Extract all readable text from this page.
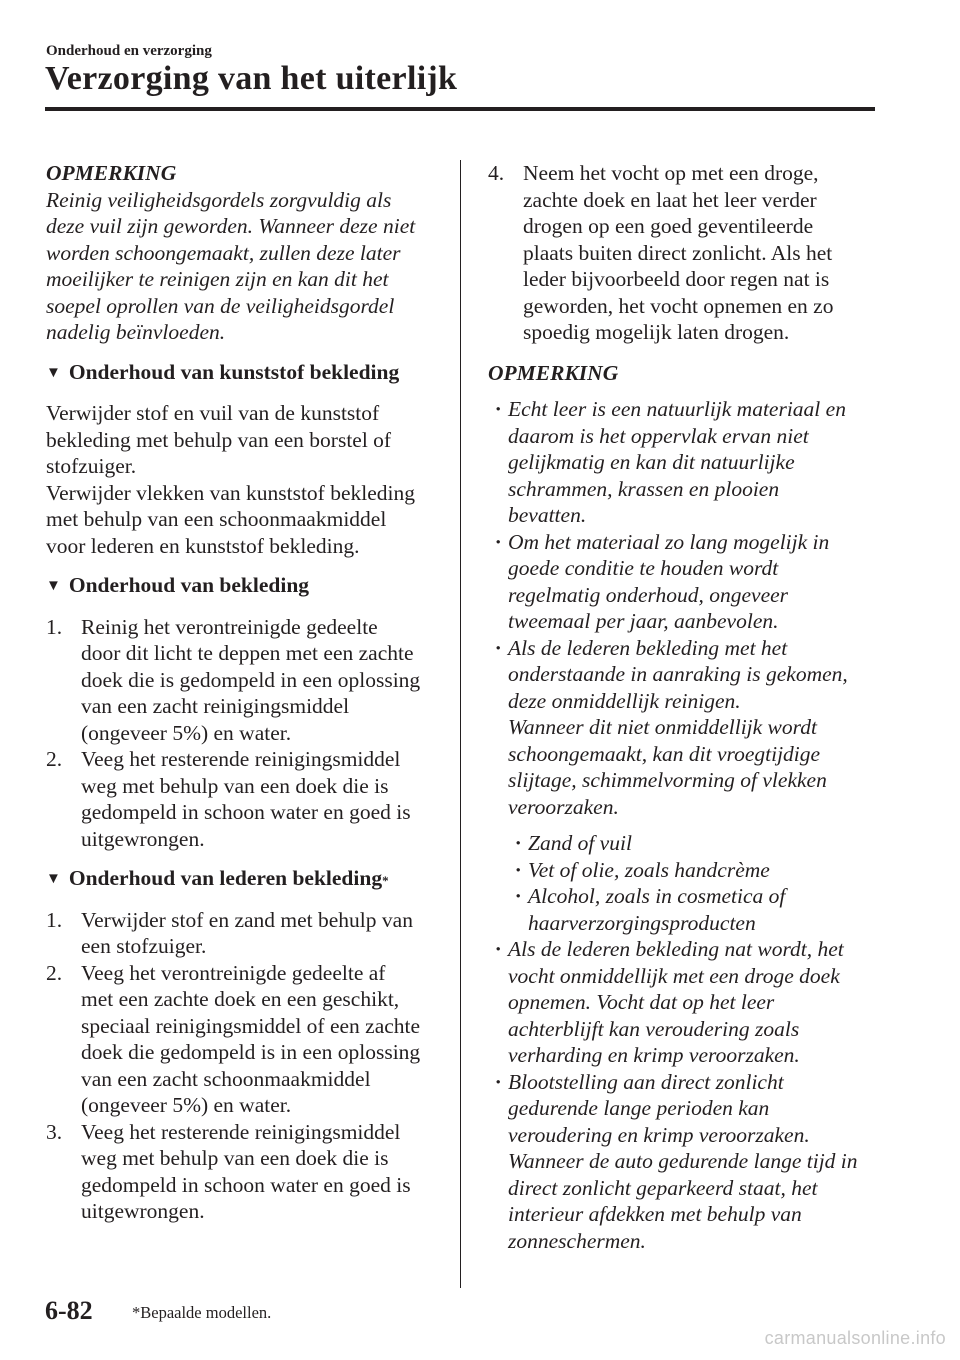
Onderhoud en verzorging
Verzorging van het uiterlijk
OPMERKING
Reinig veiligheidsgordels zorgvuldig als
deze vuil zijn geworden. Wanneer deze niet
worden schoongemaakt, zullen deze later
moeilijker te reinigen zijn en kan dit het
soepel oprollen van de veiligheidsgordel
nadelig beïnvloeden.
▼ Onderhoud van kunststof bekleding
Verwijder stof en vuil van de kunststof
bekleding met behulp van een borstel of
stofzuiger.
Verwijder vlekken van kunststof bekleding
met behulp van een schoonmaakmiddel
voor lederen en kunststof bekleding.
▼ Onderhoud van bekleding
1. Reinig het verontreinigde gedeelte
door dit licht te deppen met een zachte
doek die is gedompeld in een oplossing
van een zacht reinigingsmiddel
(ongeveer 5%) en water.
2. Veeg het resterende reinigingsmiddel
weg met behulp van een doek die is
gedompeld in schoon water en goed is
uitgewrongen.
▼ Onderhoud van lederen bekleding *
1. Verwijder stof en zand met behulp van
een stofzuiger.
2. Veeg het verontreinigde gedeelte af
met een zachte doek en een geschikt,
speciaal reinigingsmiddel of een zachte
doek die gedompeld is in een oplossing
van een zacht schoonmaakmiddel
(ongeveer 5%) en water.
3. Veeg het resterende reinigingsmiddel
weg met behulp van een doek die is
gedompeld in schoon water en goed is
uitgewrongen.
4. Neem het vocht op met een droge,
zachte doek en laat het leer verder
drogen op een goed geventileerde
plaats buiten direct zonlicht. Als het
leder bijvoorbeeld door regen nat is
geworden, het vocht opnemen en zo
spoedig mogelijk laten drogen.
OPMERKING
· Echt leer is een natuurlijk materiaal en
daarom is het oppervlak ervan niet
gelijkmatig en kan dit natuurlijke
schrammen, krassen en plooien
bevatten.
· Om het materiaal zo lang mogelijk in
goede conditie te houden wordt
regelmatig onderhoud, ongeveer
tweemaal per jaar, aanbevolen.
· Als de lederen bekleding met het
onderstaande in aanraking is gekomen,
deze onmiddellijk reinigen.
Wanneer dit niet onmiddellijk wordt
schoongemaakt, kan dit vroegtijdige
slijtage, schimmelvorming of vlekken
veroorzaken.
· Zand of vuil
· Vet of olie, zoals handcrème
· Alcohol, zoals in cosmetica of
haarverzorgingsproducten
· Als de lederen bekleding nat wordt, het
vocht onmiddellijk met een droge doek
opnemen. Vocht dat op het leer
achterblijft kan veroudering zoals
verharding en krimp veroorzaken.
· Blootstelling aan direct zonlicht
gedurende lange perioden kan
veroudering en krimp veroorzaken.
Wanneer de auto gedurende lange tijd in
direct zonlicht geparkeerd staat, het
interieur afdekken met behulp van
zonneschermen.
6-82 *Bepaalde modellen.
carmanualsonline.info
